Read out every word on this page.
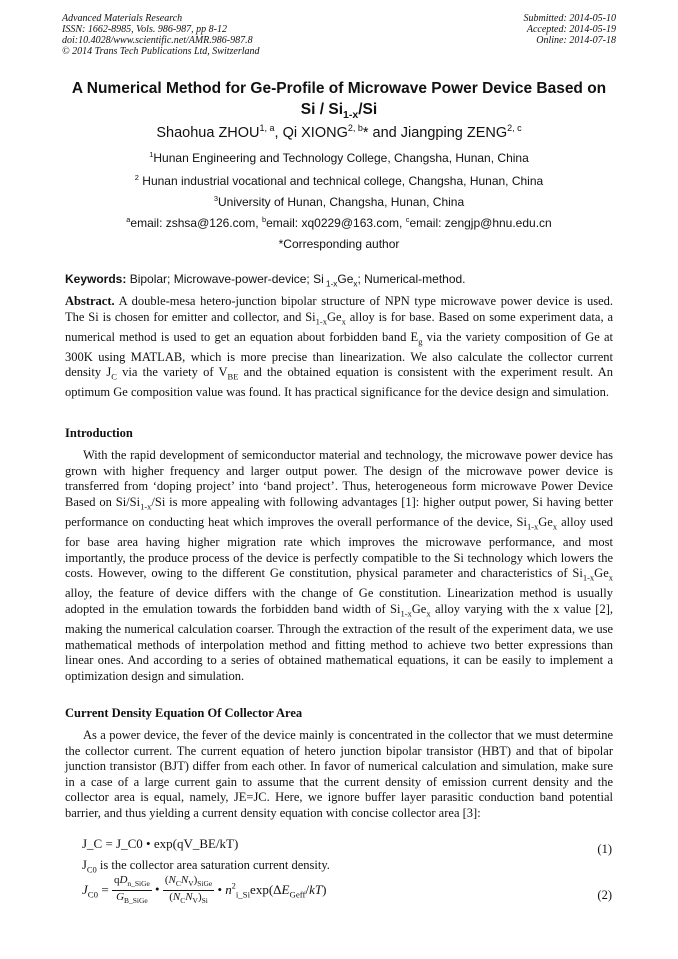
Advanced Materials Research
ISSN: 1662-8985, Vols. 986-987, pp 8-12
doi:10.4028/www.scientific.net/AMR.986-987.8
© 2014 Trans Tech Publications Ltd, Switzerland
Submitted: 2014-05-10
Accepted: 2014-05-19
Online: 2014-07-18
A Numerical Method for Ge-Profile of Microwave Power Device Based on
Si / $Si_{1-x}/Si$
Shaohua ZHOU$^{1, a}$, Qi XIONG$^{2, b}$* and Jiangping ZENG$^{2, c}$
$^1$Hunan Engineering and Technology College, Changsha, Hunan, China
$^2$ Hunan industrial vocational and technical college, Changsha, Hunan, China
$^3$University of Hunan, Changsha, Hunan, China
$^a$email: zshsa@126.com, $^b$email: xq0229@163.com, $^c$email: zengjp@hnu.edu.cn
*Corresponding author
Keywords: Bipolar; Microwave-power-device; Si $_{1-x}Ge_x$; Numerical-method.
Abstract. A double-mesa hetero-junction bipolar structure of NPN type microwave power device is used. The Si is chosen for emitter and collector, and $Si_{1-x}Ge_x$ alloy is for base. Based on some experiment data, a numerical method is used to get an equation about forbidden band $E_g$ via the variety composition of Ge at 300K using MATLAB, which is more precise than linearization. We also calculate the collector current density $J_C$ via the variety of $V_{BE}$ and the obtained equation is consistent with the experiment result. An optimum Ge composition value was found. It has practical significance for the device design and simulation.
Introduction
With the rapid development of semiconductor material and technology, the microwave power device has grown with higher frequency and larger output power. The design of the microwave power device is transferred from ‘doping project’ into ‘band project’. Thus, heterogeneous form microwave Power Device Based on $Si/Si_{1-x}/Si$ is more appealing with following advantages [1]: higher output power, Si having better performance on conducting heat which improves the overall performance of the device, $Si_{1-x}Ge_x$ alloy used for base area having higher migration rate which improves the microwave performance, and most importantly, the produce process of the device is perfectly compatible to the Si technology which lowers the costs. However, owing to the different Ge constitution, physical parameter and characteristics of $Si_{1-x}Ge_x$ alloy, the feature of device differs with the change of Ge constitution. Linearization method is usually adopted in the emulation towards the forbidden band width of $Si_{1-x}Ge_x$ alloy varying with the x value [2], making the numerical calculation coarser. Through the extraction of the result of the experiment data, we use mathematical methods of interpolation method and fitting method to achieve two better expressions than linear ones. And according to a series of obtained mathematical equations, it can be easily to implement a optimization design and simulation.
Current Density Equation Of Collector Area
As a power device, the fever of the device mainly is concentrated in the collector that we must determine the collector current. The current equation of hetero junction bipolar transistor (HBT) and that of bipolar junction transistor (BJT) differ from each other. In favor of numerical calculation and simulation, make sure in a case of a large current gain to assume that the current density of emission current density and the collector area is equal, namely, JE=JC. Here, we ignore buffer layer parasitic conduction band potential barrier, and thus yielding a current density equation with concise collector area [3]:
J_C = J_C0 • exp(qV_BE/kT)	(1)
$J_{C0}$ is the collector area saturation current density.
$J_{C0} = \frac{qD_{n\_SiGe}}{G_{B\_SiGe}}$ • $\frac{(N_CN_V)_{SiGe}}{(N_CN_V)_{Si}}$ • $n^2_{i\_Si}\exp(\Delta E_{Geff}/kT)$	(2)
